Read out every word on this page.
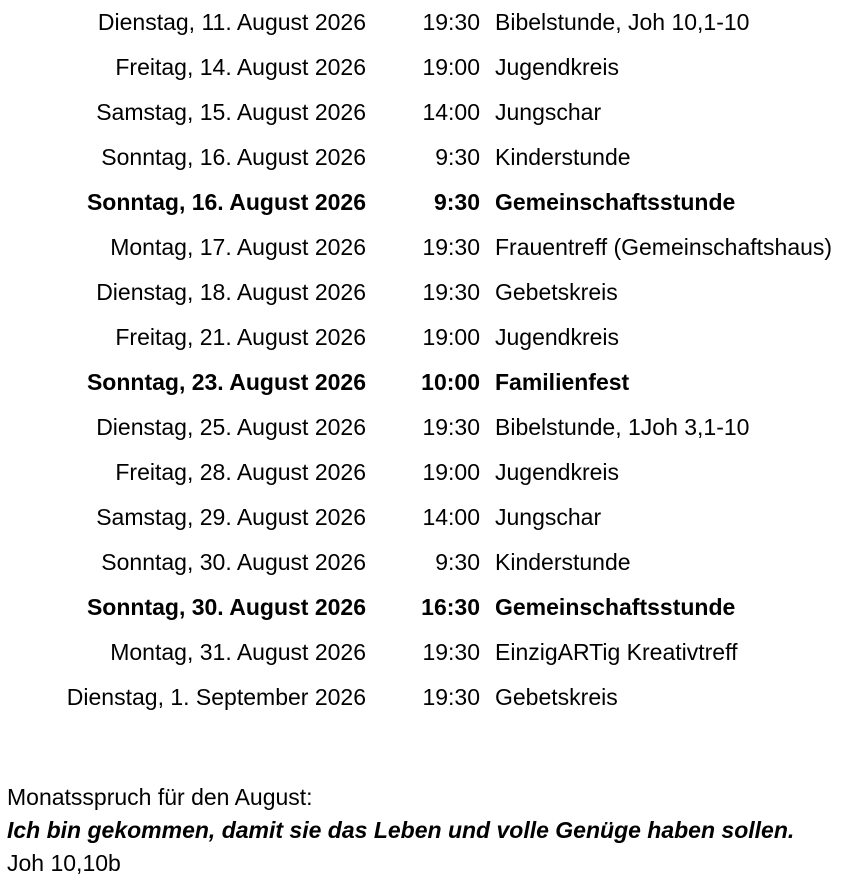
Dienstag, 11. August 2026 19:30 Bibelstunde, Joh 10,1-10
Freitag, 14. August 2026 19:00 Jugendkreis
Samstag, 15. August 2026 14:00 Jungschar
Sonntag, 16. August 2026	9:30 Kinderstunde
Sonntag, 16. August 2026	9:30 Gemeinschaftsstunde
Montag, 17. August 2026 19:30 Frauentreff (Gemeinschaftshaus)
Dienstag, 18. August 2026 19:30 Gebetskreis
Freitag, 21. August 2026 19:00 Jugendkreis
Sonntag, 23. August 2026 10:00 Familienfest
Dienstag, 25. August 2026 19:30 Bibelstunde, 1Joh 3,1-10
Freitag, 28. August 2026 19:00 Jugendkreis
Samstag, 29. August 2026 14:00 Jungschar
Sonntag, 30. August 2026	9:30 Kinderstunde
Sonntag, 30. August 2026 16:30 Gemeinschaftsstunde
Montag, 31. August 2026 19:30 EinzigARTig Kreativtreff
Dienstag, 1. September 2026 19:30 Gebetskreis
Monatsspruch für den August:
Ich bin gekommen, damit sie das Leben und volle Genüge haben sollen.
Joh 10,10b
